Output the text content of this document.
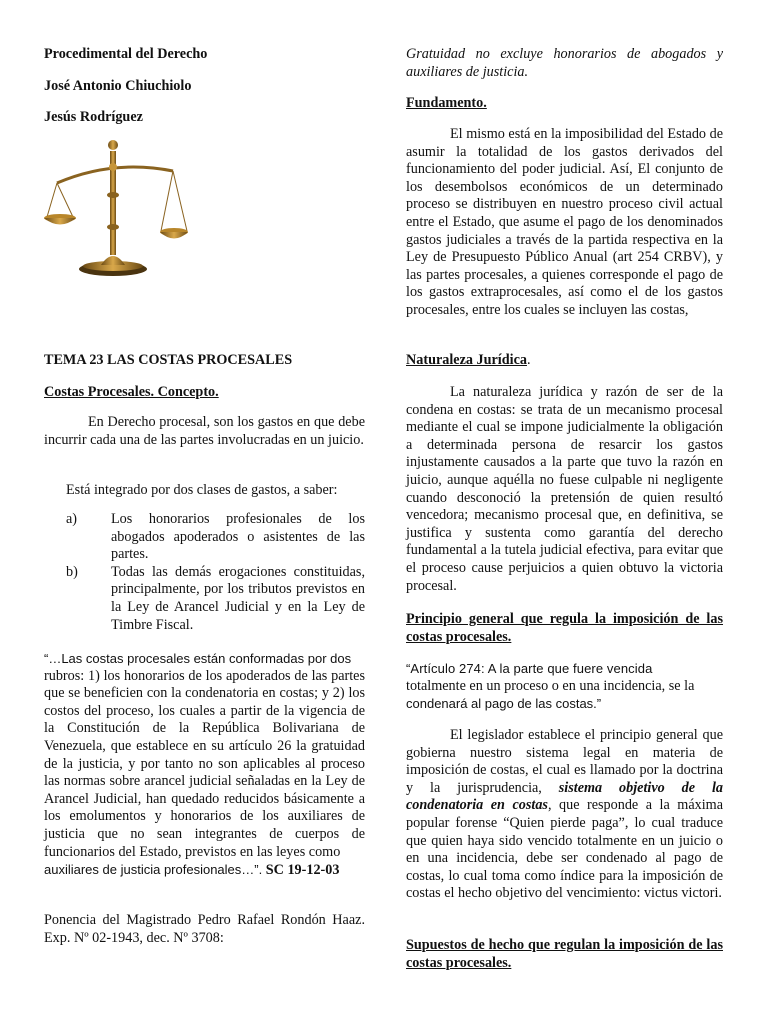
Procedimental del Derecho

José Antonio Chiuchiolo

Jesús Rodríguez

TEMA 23 LAS COSTAS PROCESALES

Costas Procesales. Concepto.

En Derecho procesal, son los gastos en que debe incurrir cada una de las partes involucradas en un juicio.

Está integrado por dos clases de gastos, a saber:

a) Los honorarios profesionales de los abogados apoderados o asistentes de las partes.
b) Todas las demás erogaciones constituidas, principalmente, por los tributos previstos en la Ley de Arancel Judicial y en la Ley de Timbre Fiscal.
“…Las costas procesales están conformadas por dos

rubros: 1) los honorarios de los apoderados de las partes que se beneficien con la condenatoria en costas; y 2) los costos del proceso, los cuales a partir de la vigencia de la Constitución de la República Bolivariana de Venezuela, que establece en su artículo 26 la gratuidad de la justicia, y por tanto no son aplicables al proceso las normas sobre arancel judicial señaladas en la Ley de Arancel Judicial, han quedado reducidos básicamente a los emolumentos y honorarios de los auxiliares de justicia que no sean integrantes de cuerpos de funcionarios del Estado, previstos en las leyes como

auxiliares de justicia profesionales…”. SC 19-12-03

Ponencia del Magistrado Pedro Rafael Rondón Haaz. Exp. Nº 02-1943, dec. Nº 3708:

Gratuidad no excluye honorarios de abogados y auxiliares de justicia.

Fundamento.

El mismo está en la imposibilidad del Estado de asumir la totalidad de los gastos derivados del funcionamiento del poder judicial. Así, El conjunto de los desembolsos económicos de un determinado proceso se distribuyen en nuestro proceso civil actual entre el Estado, que asume el pago de los denominados gastos judiciales a través de la partida respectiva en la Ley de Presupuesto Público Anual (art 254 CRBV), y las partes procesales, a quienes corresponde el pago de los gastos extraprocesales, así como el de los gastos procesales, entre los cuales se incluyen las costas,

Naturaleza Jurídica.

La naturaleza jurídica y razón de ser de la condena en costas: se trata de un mecanismo procesal mediante el cual se impone judicialmente la obligación a determinada persona de resarcir los gastos injustamente causados a la parte que tuvo la razón en juicio, aunque aquélla no fuese culpable ni negligente cuando desconoció la pretensión de quien resultó vencedora; mecanismo procesal que, en definitiva, se justifica y sustenta como garantía del derecho fundamental a la tutela judicial efectiva, para evitar que el proceso cause perjuicios a quien obtuvo la victoria procesal.

Principio general que regula la imposición de las costas procesales.

“Artículo 274: A la parte que fuere vencida
totalmente en un proceso o en una incidencia, se la
condenará al pago de las costas.”

El legislador establece el principio general que gobierna nuestro sistema legal en materia de imposición de costas, el cual es llamado por la doctrina y la jurisprudencia, sistema objetivo de la condenatoria en costas, que responde a la máxima popular forense “Quien pierde paga”, lo cual traduce que quien haya sido vencido totalmente en un juicio o en una incidencia, debe ser condenado al pago de costas, lo cual toma como índice para la imposición de costas el hecho objetivo del vencimiento: victus victori.

Supuestos de hecho que regulan la imposición de las costas procesales.
